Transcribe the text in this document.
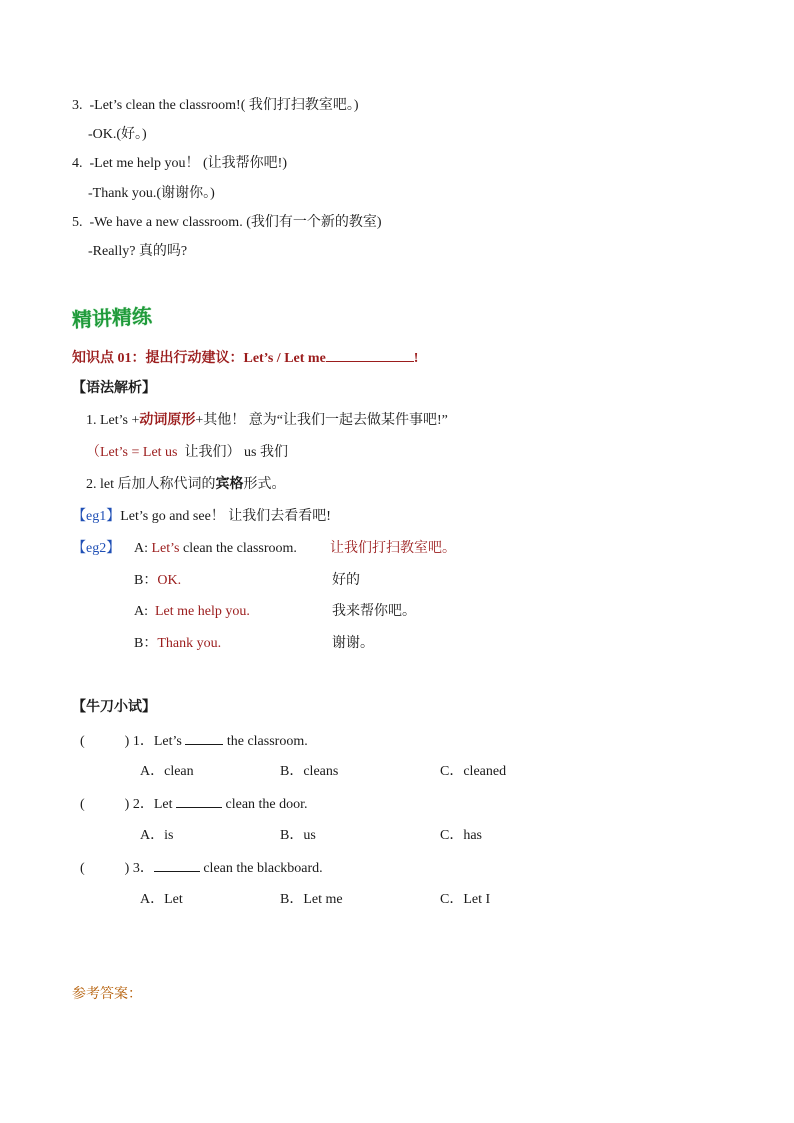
3. -Let’s clean the classroom!( 我们打扫教室吧。)
-OK.(好。)
4. -Let me help you！ (让我帮你吧!)
-Thank you.(谢谢你。)
5. -We have a new classroom. (我们有一个新的教室)
-Really? 真的吗?
精讲精练
知识点 01：提出行动建议：Let’s / Let me	!
【语法解析】
1. Let’s +动词原形+其他！ 意为“让我们一起去做某件事吧!”
（Let’s = Let us 让我们） us 我们
2. let 后加人称代词的宾格形式。
【eg1】Let’s go and see！ 让我们去看看吧!
【eg2】 A: Let’s clean the classroom. 让我们打扫教室吧。
B：OK.	好的
A: Let me help you.	我来帮你吧。
B：Thank you.	谢谢。
【牛刀小试】
(	) 1．Let’s	the classroom.
A．clean	B．cleans	C．cleaned
(	) 2．Let	clean the door.
A．is	B．us	C．has
(	) 3．	clean the blackboard.
A．Let	B．Let me	C．Let I
参考答案：
